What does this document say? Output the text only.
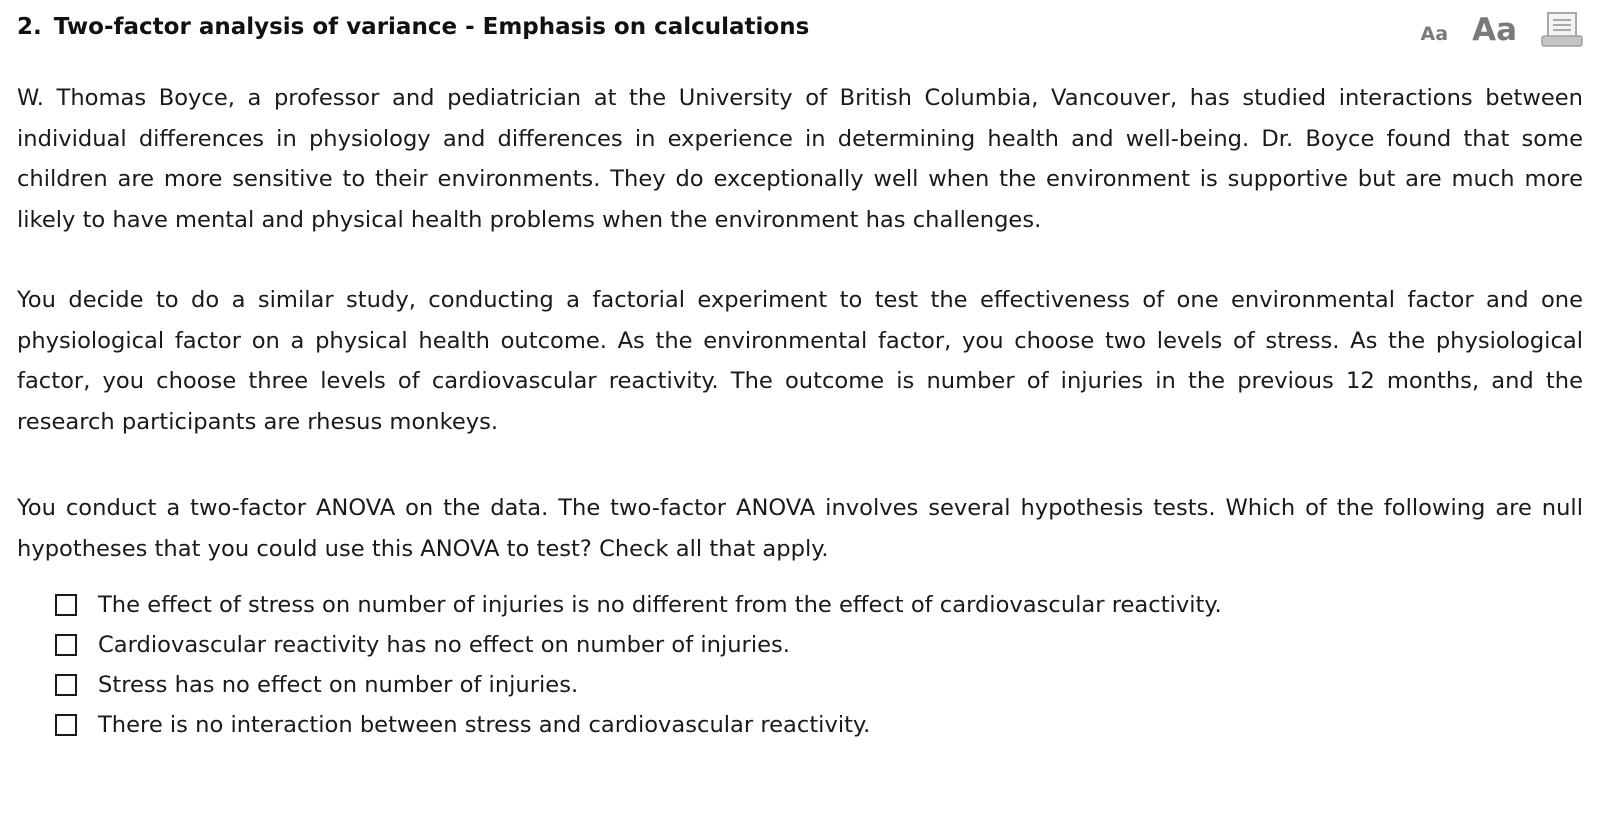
2. Two-factor analysis of variance - Emphasis on calculations	Aa Aa

W. Thomas Boyce, a professor and pediatrician at the University of British Columbia, Vancouver, has studied interactions between individual differences in physiology and differences in experience in determining health and well-being. Dr. Boyce found that some children are more sensitive to their environments. They do exceptionally well when the environment is supportive but are much more likely to have mental and physical health problems when the environment has challenges.

You decide to do a similar study, conducting a factorial experiment to test the effectiveness of one environmental factor and one physiological factor on a physical health outcome. As the environmental factor, you choose two levels of stress. As the physiological factor, you choose three levels of cardiovascular reactivity. The outcome is number of injuries in the previous 12 months, and the research participants are rhesus monkeys.

You conduct a two-factor ANOVA on the data. The two-factor ANOVA involves several hypothesis tests. Which of the following are null hypotheses that you could use this ANOVA to test? Check all that apply.

The effect of stress on number of injuries is no different from the effect of cardiovascular reactivity.
Cardiovascular reactivity has no effect on number of injuries.
Stress has no effect on number of injuries.
There is no interaction between stress and cardiovascular reactivity.
